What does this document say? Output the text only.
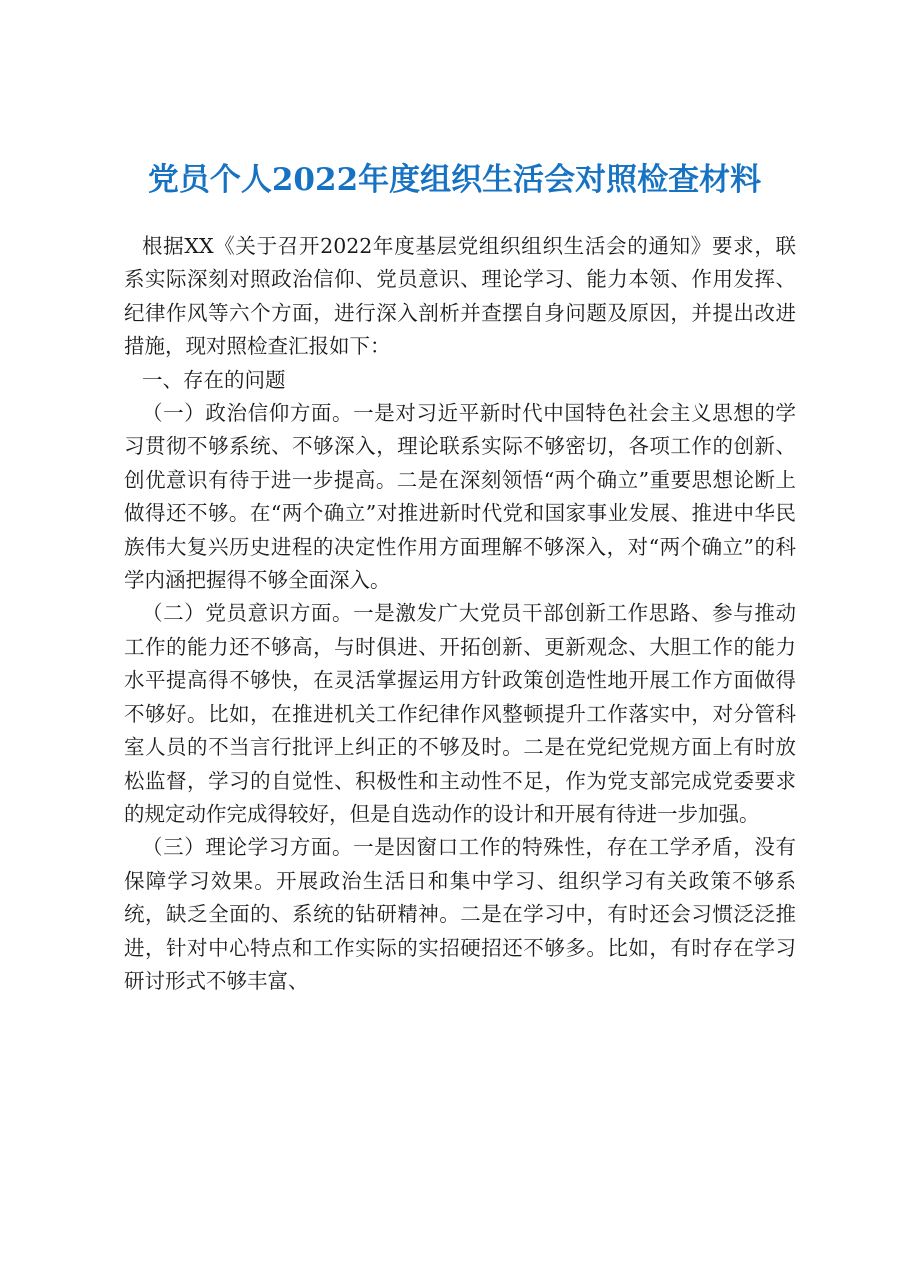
党员个人2022年度组织生活会对照检查材料

根据XX《关于召开2022年度基层党组织组织生活会的通知》要求，联系实际深刻对照政治信仰、党员意识、理论学习、能力本领、作用发挥、纪律作风等六个方面，进行深入剖析并查摆自身问题及原因，并提出改进措施，现对照检查汇报如下：

一、存在的问题

（一）政治信仰方面。一是对习近平新时代中国特色社会主义思想的学习贯彻不够系统、不够深入，理论联系实际不够密切，各项工作的创新、创优意识有待于进一步提高。二是在深刻领悟“两个确立”重要思想论断上做得还不够。在“两个确立”对推进新时代党和国家事业发展、推进中华民族伟大复兴历史进程的决定性作用方面理解不够深入，对“两个确立”的科学内涵把握得不够全面深入。

（二）党员意识方面。一是激发广大党员干部创新工作思路、参与推动工作的能力还不够高，与时俱进、开拓创新、更新观念、大胆工作的能力水平提高得不够快，在灵活掌握运用方针政策创造性地开展工作方面做得不够好。比如，在推进机关工作纪律作风整顿提升工作落实中，对分管科室人员的不当言行批评上纠正的不够及时。二是在党纪党规方面上有时放松监督，学习的自觉性、积极性和主动性不足，作为党支部完成党委要求的规定动作完成得较好，但是自选动作的设计和开展有待进一步加强。

（三）理论学习方面。一是因窗口工作的特殊性，存在工学矛盾，没有保障学习效果。开展政治生活日和集中学习、组织学习有关政策不够系统，缺乏全面的、系统的钻研精神。二是在学习中，有时还会习惯泛泛推进，针对中心特点和工作实际的实招硬招还不够多。比如，有时存在学习研讨形式不够丰富、
